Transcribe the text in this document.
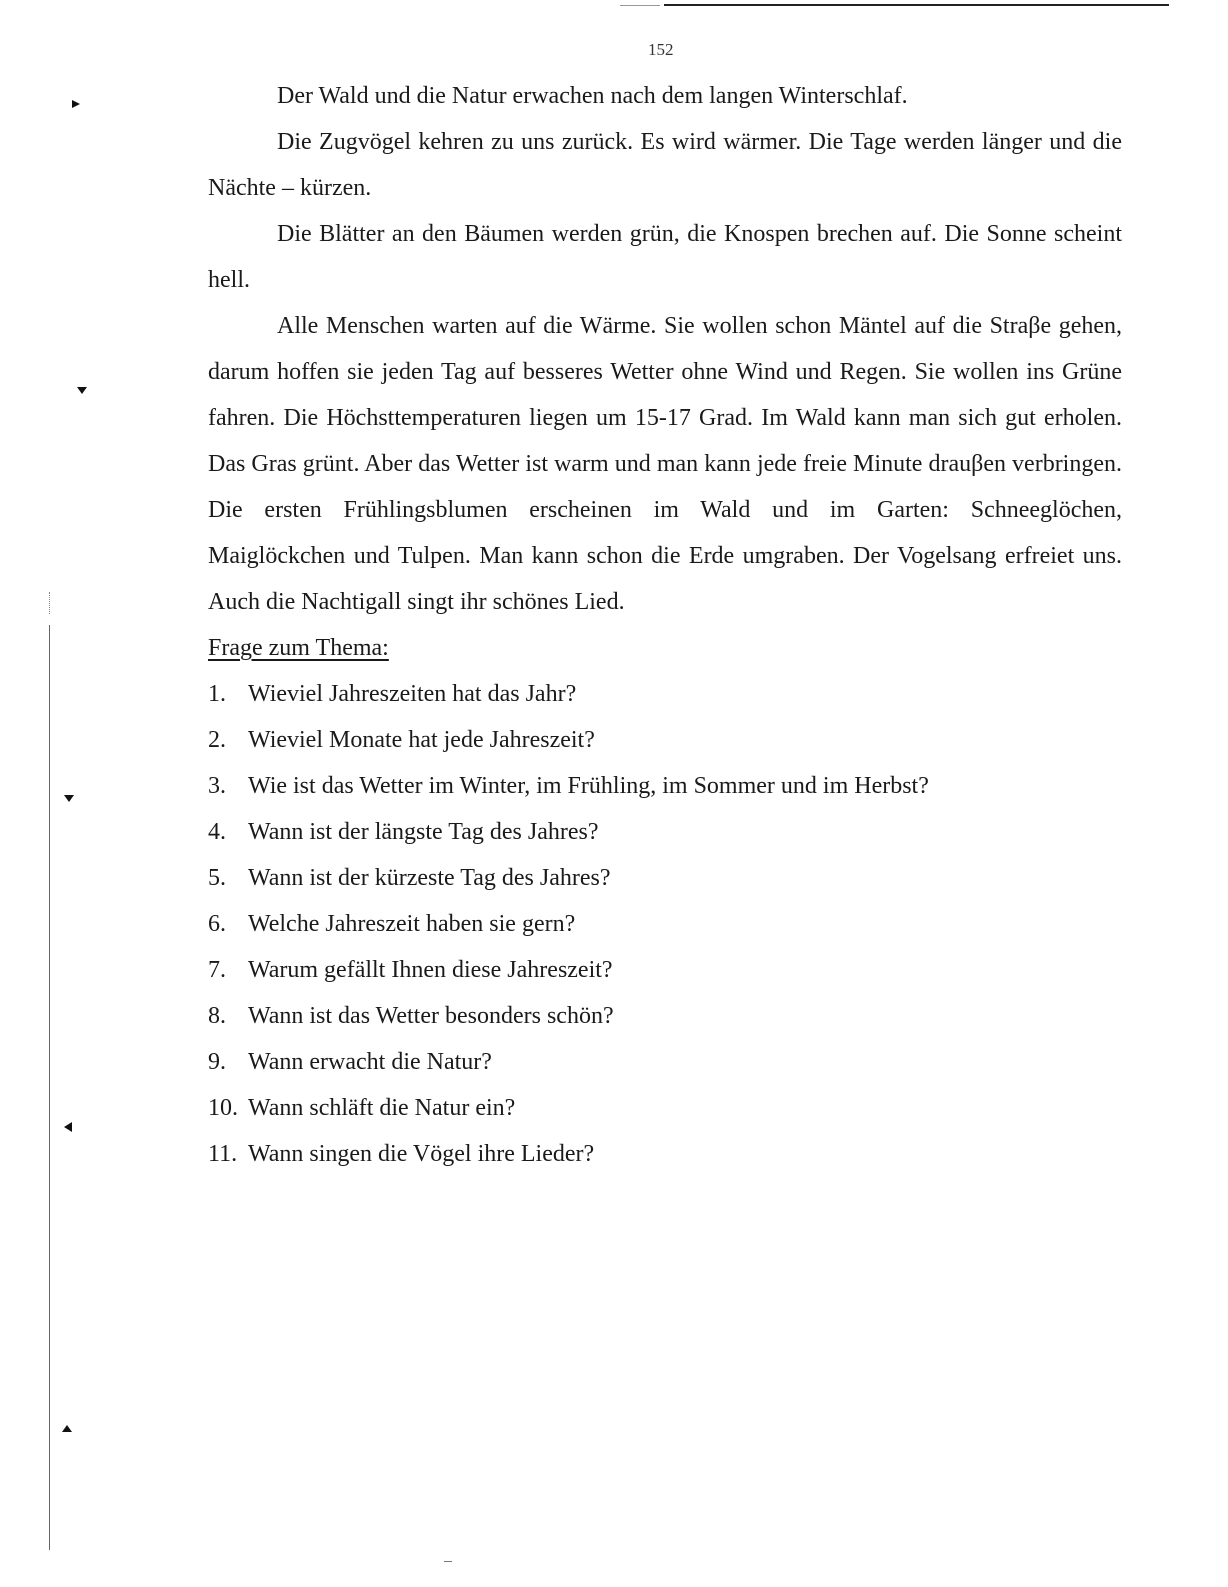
152

Der Wald und die Natur erwachen nach dem langen Winterschlaf.

Die Zugvögel kehren zu uns zurück. Es wird wärmer. Die Tage werden länger und die Nächte – kürzen.

Die Blätter an den Bäumen werden grün, die Knospen brechen auf. Die Sonne scheint hell.

Alle Menschen warten auf die Wärme. Sie wollen schon Mäntel auf die Straβe gehen, darum hoffen sie jeden Tag auf besseres Wetter ohne Wind und Regen. Sie wollen ins Grüne fahren. Die Höchsttemperaturen liegen um 15-17 Grad. Im Wald kann man sich gut erholen. Das Gras grünt. Aber das Wetter ist warm und man kann jede freie Minute drauβen verbringen. Die ersten Frühlingsblumen erscheinen im Wald und im Garten: Schneeglöchen, Maiglöckchen und Tulpen. Man kann schon die Erde umgraben. Der Vogelsang erfreiet uns. Auch die Nachtigall singt ihr schönes Lied.

Frage zum Thema:

1. Wieviel Jahreszeiten hat das Jahr?
2. Wieviel Monate hat jede Jahreszeit?
3. Wie ist das Wetter im Winter, im Frühling, im Sommer und im Herbst?
4. Wann ist der längste Tag des Jahres?
5. Wann ist der kürzeste Tag des Jahres?
6. Welche Jahreszeit haben sie gern?
7. Warum gefällt Ihnen diese Jahreszeit?
8. Wann ist das Wetter besonders schön?
9. Wann erwacht die Natur?
10. Wann schläft die Natur ein?
11. Wann singen die Vögel ihre Lieder?
